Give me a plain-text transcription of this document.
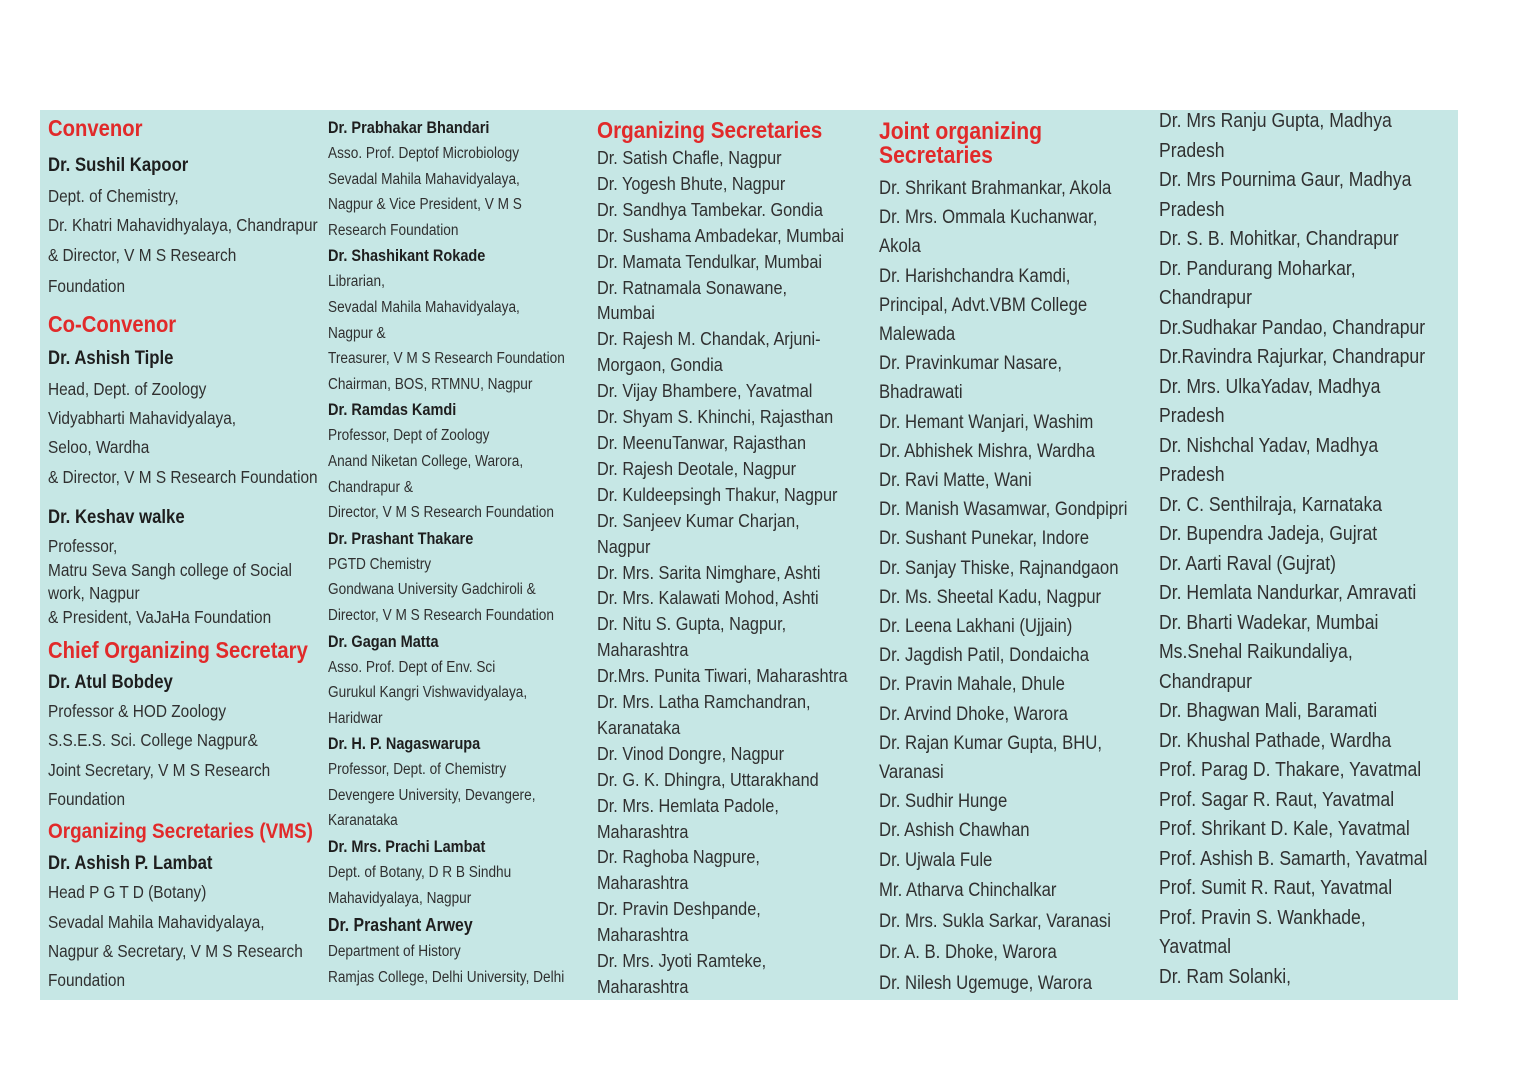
Convenor
Dr. Sushil Kapoor
Dept. of Chemistry,
Dr. Khatri Mahavidhyalaya, Chandrapur
& Director, V M S Research
Foundation
Co-Convenor
Dr. Ashish Tiple
Head, Dept. of Zoology
Vidyabharti Mahavidyalaya,
Seloo, Wardha
& Director, V M S Research Foundation
Dr. Keshav walke
Professor,
Matru Seva Sangh college of Social
work, Nagpur
& President, VaJaHa Foundation
Chief Organizing Secretary
Dr. Atul Bobdey
Professor & HOD Zoology
S.S.E.S. Sci. College Nagpur&
Joint Secretary, V M S Research
Foundation
Organizing Secretaries (VMS)
Dr. Ashish P. Lambat
Head P G T D (Botany)
Sevadal Mahila Mahavidyalaya,
Nagpur & Secretary, V M S Research
Foundation
Dr. Prabhakar Bhandari
Asso. Prof. Deptof Microbiology
Sevadal Mahila Mahavidyalaya,
Nagpur & Vice President, V M S
Research Foundation
Dr. Shashikant Rokade
Librarian,
Sevadal Mahila Mahavidyalaya,
Nagpur &
Treasurer, V M S Research Foundation
Chairman, BOS, RTMNU, Nagpur
Dr. Ramdas Kamdi
Professor, Dept of Zoology
Anand Niketan College, Warora,
Chandrapur &
Director, V M S Research Foundation
Dr. Prashant Thakare
PGTD Chemistry
Gondwana University Gadchiroli &
Director, V M S Research Foundation
Dr. Gagan Matta
Asso. Prof. Dept of Env. Sci
Gurukul Kangri Vishwavidyalaya,
Haridwar
Dr. H. P. Nagaswarupa
Professor, Dept. of Chemistry
Devengere University, Devangere,
Karanataka
Dr. Mrs. Prachi Lambat
Dept. of Botany, D R B Sindhu
Mahavidyalaya, Nagpur
Dr. Prashant Arwey
Department of History
Ramjas College, Delhi University, Delhi
Organizing Secretaries
Dr. Satish Chafle, Nagpur
Dr. Yogesh Bhute, Nagpur
Dr. Sandhya Tambekar. Gondia
Dr. Sushama Ambadekar, Mumbai
Dr. Mamata Tendulkar, Mumbai
Dr. Ratnamala Sonawane,
Mumbai
Dr. Rajesh M. Chandak, Arjuni-
Morgaon, Gondia
Dr. Vijay Bhambere, Yavatmal
Dr. Shyam S. Khinchi, Rajasthan
Dr. MeenuTanwar, Rajasthan
Dr. Rajesh Deotale, Nagpur
Dr. Kuldeepsingh Thakur, Nagpur
Dr. Sanjeev Kumar Charjan,
Nagpur
Dr. Mrs. Sarita Nimghare, Ashti
Dr. Mrs. Kalawati Mohod, Ashti
Dr. Nitu S. Gupta, Nagpur,
Maharashtra
Dr.Mrs. Punita Tiwari, Maharashtra
Dr. Mrs. Latha Ramchandran,
Karanataka
Dr. Vinod Dongre, Nagpur
Dr. G. K. Dhingra, Uttarakhand
Dr. Mrs. Hemlata Padole,
Maharashtra
Dr. Raghoba Nagpure,
Maharashtra
Dr. Pravin Deshpande,
Maharashtra
Dr. Mrs. Jyoti Ramteke,
Maharashtra
Joint organizing
Secretaries
Dr. Shrikant Brahmankar, Akola
Dr. Mrs. Ommala Kuchanwar,
Akola
Dr. Harishchandra Kamdi,
Principal, Advt.VBM College
Malewada
Dr. Pravinkumar Nasare,
Bhadrawati
Dr. Hemant Wanjari, Washim
Dr. Abhishek Mishra, Wardha
Dr. Ravi Matte, Wani
Dr. Manish Wasamwar, Gondpipri
Dr. Sushant Punekar, Indore
Dr. Sanjay Thiske, Rajnandgaon
Dr. Ms. Sheetal Kadu, Nagpur
Dr. Leena Lakhani (Ujjain)
Dr. Jagdish Patil, Dondaicha
Dr. Pravin Mahale, Dhule
Dr. Arvind Dhoke, Warora
Dr. Rajan Kumar Gupta, BHU,
Varanasi
Dr. Sudhir Hunge
Dr. Ashish Chawhan
Dr. Ujwala Fule
Mr. Atharva Chinchalkar
Dr. Mrs. Sukla Sarkar, Varanasi
Dr. A. B. Dhoke, Warora
Dr. Nilesh Ugemuge, Warora
Dr. Mrs Ranju Gupta, Madhya
Pradesh
Dr. Mrs Pournima Gaur, Madhya
Pradesh
Dr. S. B. Mohitkar, Chandrapur
Dr. Pandurang Moharkar,
Chandrapur
Dr.Sudhakar Pandao, Chandrapur
Dr.Ravindra Rajurkar, Chandrapur
Dr. Mrs. UlkaYadav, Madhya
Pradesh
Dr. Nishchal Yadav, Madhya
Pradesh
Dr. C. Senthilraja, Karnataka
Dr. Bupendra Jadeja, Gujrat
Dr. Aarti Raval (Gujrat)
Dr. Hemlata Nandurkar, Amravati
Dr. Bharti Wadekar, Mumbai
Ms.Snehal Raikundaliya,
Chandrapur
Dr. Bhagwan Mali, Baramati
Dr. Khushal Pathade, Wardha
Prof. Parag D. Thakare, Yavatmal
Prof. Sagar R. Raut, Yavatmal
Prof. Shrikant D. Kale, Yavatmal
Prof. Ashish B. Samarth, Yavatmal
Prof. Sumit R. Raut, Yavatmal
Prof. Pravin S. Wankhade,
Yavatmal
Dr. Ram Solanki,
